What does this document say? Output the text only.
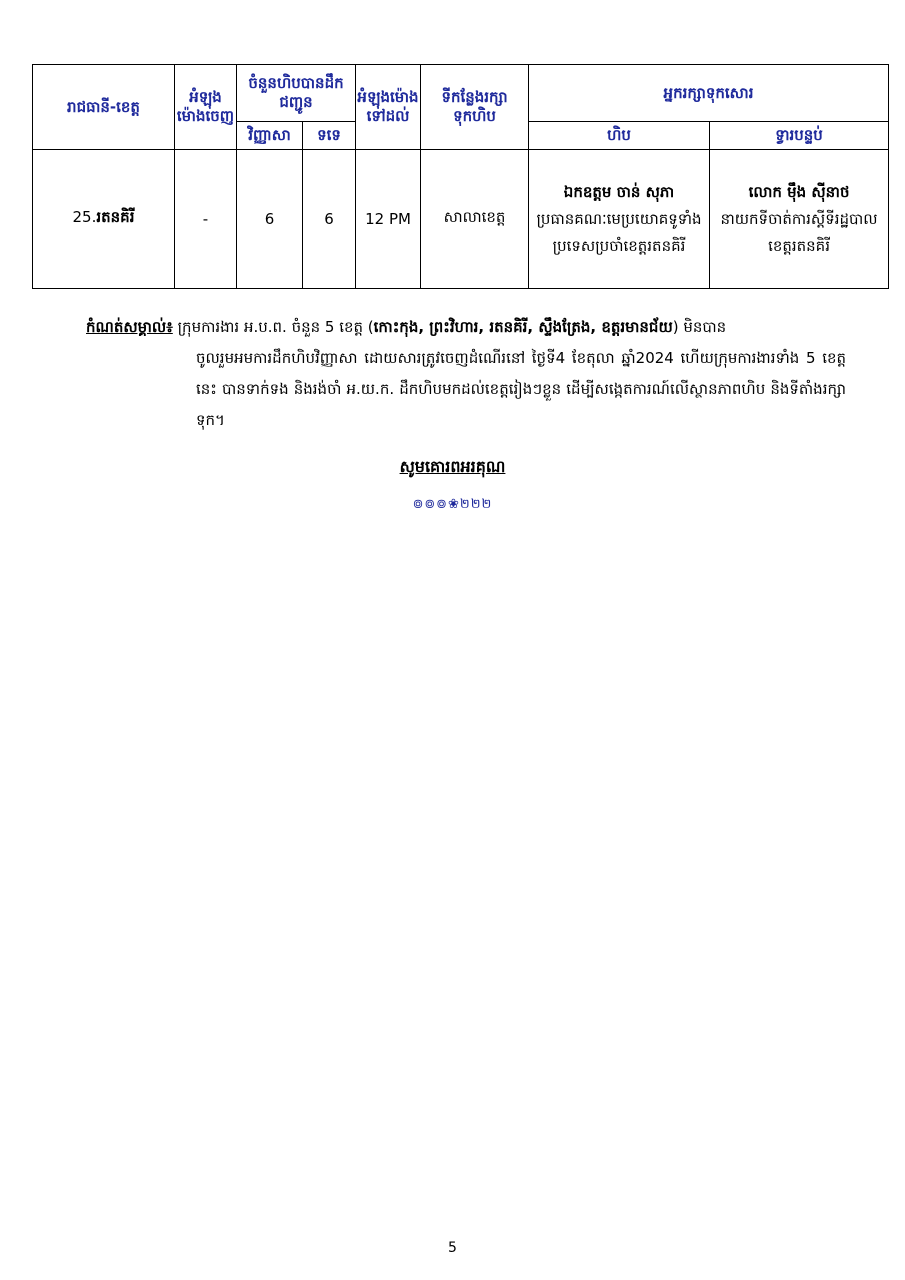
រាជធានី-ខេត្ត	អំឡុងម៉ោងចេញ	ចំនួនហិបបានដឹកជញ្ជូន		អំឡុងម៉ោងទៅដល់	ទីកន្លែងរក្សាទុកហិប	អ្នករក្សាទុកសោរ	
		វិញ្ញាសា	ទទេ			ហិប	ទ្វារបន្ទប់
25.រតនគិរី	-	6	6	12 PM	សាលាខេត្ត	ឯកឧត្តម ចាន់ សុភា
ប្រធានគណៈមេប្រយោគទូទាំងប្រទេសប្រចាំខេត្តរតនគិរី	លោក ម៉ឹង ស៊ីនាថ
នាយកទីចាត់ការស្តីទីរដ្ឋបាលខេត្តរតនគិរី
កំណត់សម្គាល់៖ ក្រុមការងារ អ.ប.ព. ចំនួន 5 ខេត្ត (កោះកុង, ព្រះវិហារ, រតនគិរី, ស្ទឹងត្រែង, ឧត្តរមានជ័យ) មិនបាន
ចូលរួមអមការដឹកហិបវិញ្ញាសា ដោយសារត្រូវចេញដំណើរនៅ ថ្ងៃទី4 ខែតុលា ឆ្នាំ2024 ហើយក្រុមការងារទាំង 5 ខេត្តនេះ បានទាក់ទង និងរង់ចាំ អ.យ.ក. ដឹកហិបមកដល់ខេត្តរៀងៗខ្លួន ដើម្បីសង្កេតការណ៍លើស្ថានភាពហិប និងទីតាំងរក្សាទុក។
សូមគោរពអរគុណ
៙៙៙❀២២២
5
